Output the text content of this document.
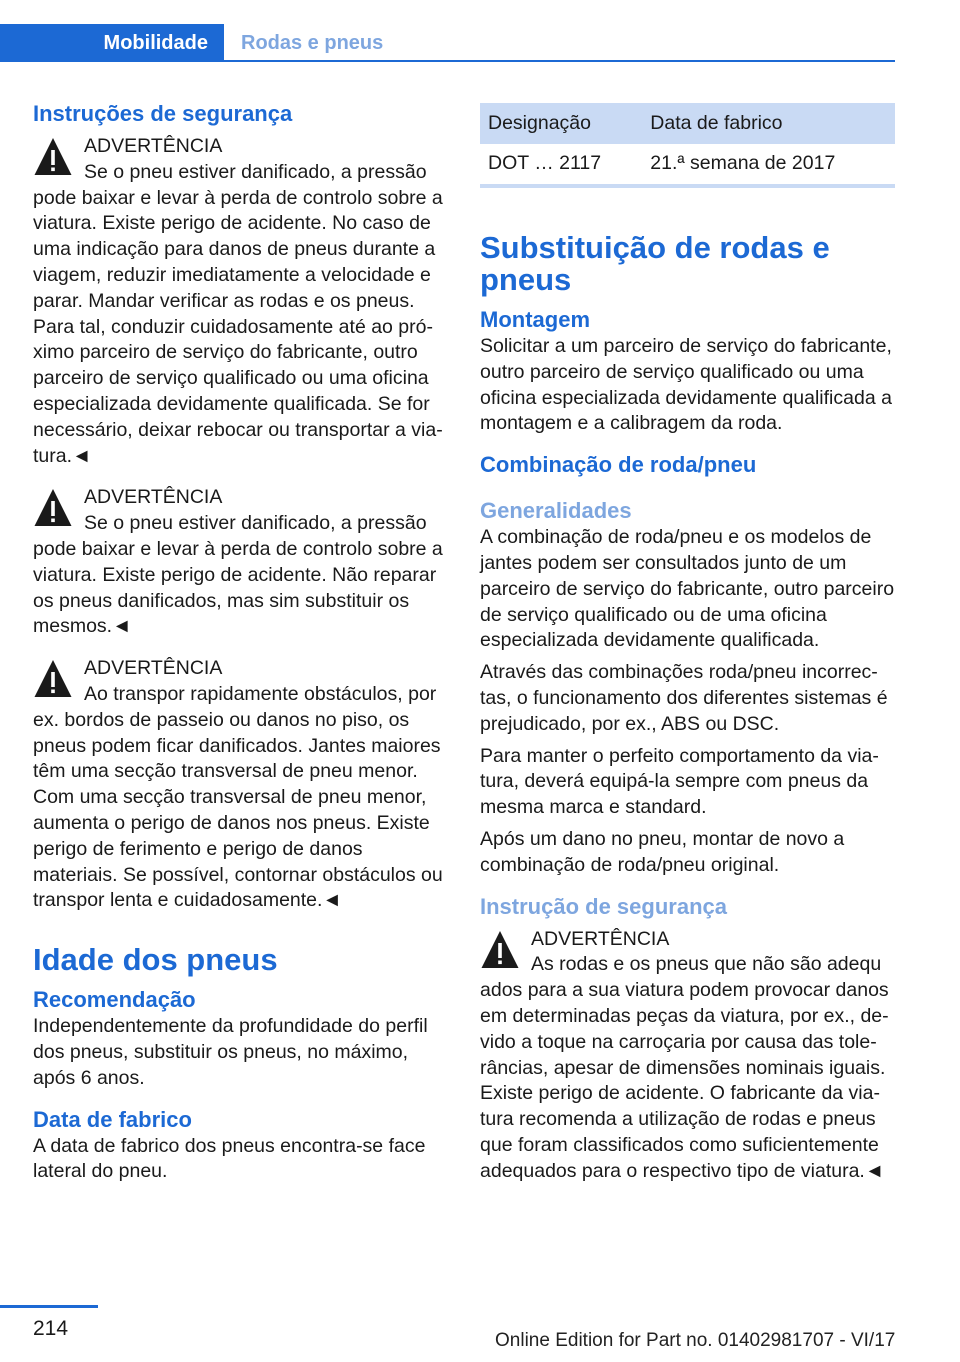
Mobilidade	Rodas e pneus
Instruções de segurança
ADVERTÊNCIA
Se o pneu estiver danificado, a pressão
pode baixar e levar à perda de controlo sobre a viatura. Existe perigo de acidente. No caso de uma indicação para danos de pneus durante a viagem, reduzir imediatamente a velocidade e parar. Mandar verificar as rodas e os pneus. Para tal, conduzir cuidadosamente até ao próximo parceiro de serviço do fabricante, outro parceiro de serviço qualificado ou uma oficina especializada devidamente qualificada. Se for necessário, deixar rebocar ou transportar a viatura.◄
ADVERTÊNCIA
Se o pneu estiver danificado, a pressão
pode baixar e levar à perda de controlo sobre a viatura. Existe perigo de acidente. Não reparar os pneus danificados, mas sim substituir os mesmos.◄
ADVERTÊNCIA
Ao transpor rapidamente obstáculos, por
ex. bordos de passeio ou danos no piso, os pneus podem ficar danificados. Jantes maiores têm uma secção transversal de pneu menor. Com uma secção transversal de pneu menor, aumenta o perigo de danos nos pneus. Existe perigo de ferimento e perigo de danos materiais. Se possível, contornar obstáculos ou transpor lenta e cuidadosamente.◄
Idade dos pneus
Recomendação

Independentemente da profundidade do perfil dos pneus, substituir os pneus, no máximo, após 6 anos.

Data de fabrico

A data de fabrico dos pneus encontra-se face lateral do pneu.

Designação	Data de fabrico
DOT … 2117	21.ª semana de 2017
Substituição de rodas e pneus
Montagem

Solicitar a um parceiro de serviço do fabricante, outro parceiro de serviço qualificado ou uma oficina especializada devidamente qualificada a montagem e a calibragem da roda.

Combinação de roda/pneu
Generalidades

A combinação de roda/pneu e os modelos de jantes podem ser consultados junto de um parceiro de serviço do fabricante, outro parceiro de serviço qualificado ou de uma oficina especializada devidamente qualificada.

Através das combinações roda/pneu incorrectas, o funcionamento dos diferentes sistemas é prejudicado, por ex., ABS ou DSC.

Para manter o perfeito comportamento da viatura, deverá equipá-la sempre com pneus da mesma marca e standard.

Após um dano no pneu, montar de novo a combinação de roda/pneu original.

Instrução de segurança
ADVERTÊNCIA
As rodas e os pneus que não são adequ
ados para a sua viatura podem provocar danos em determinadas peças da viatura, por ex., devido a toque na carroçaria por causa das tolerâncias, apesar de dimensões nominais iguais. Existe perigo de acidente. O fabricante da viatura recomenda a utilização de rodas e pneus que foram classificados como suficientemente adequados para o respectivo tipo de viatura.◄
214
Online Edition for Part no. 01402981707 - VI/17
